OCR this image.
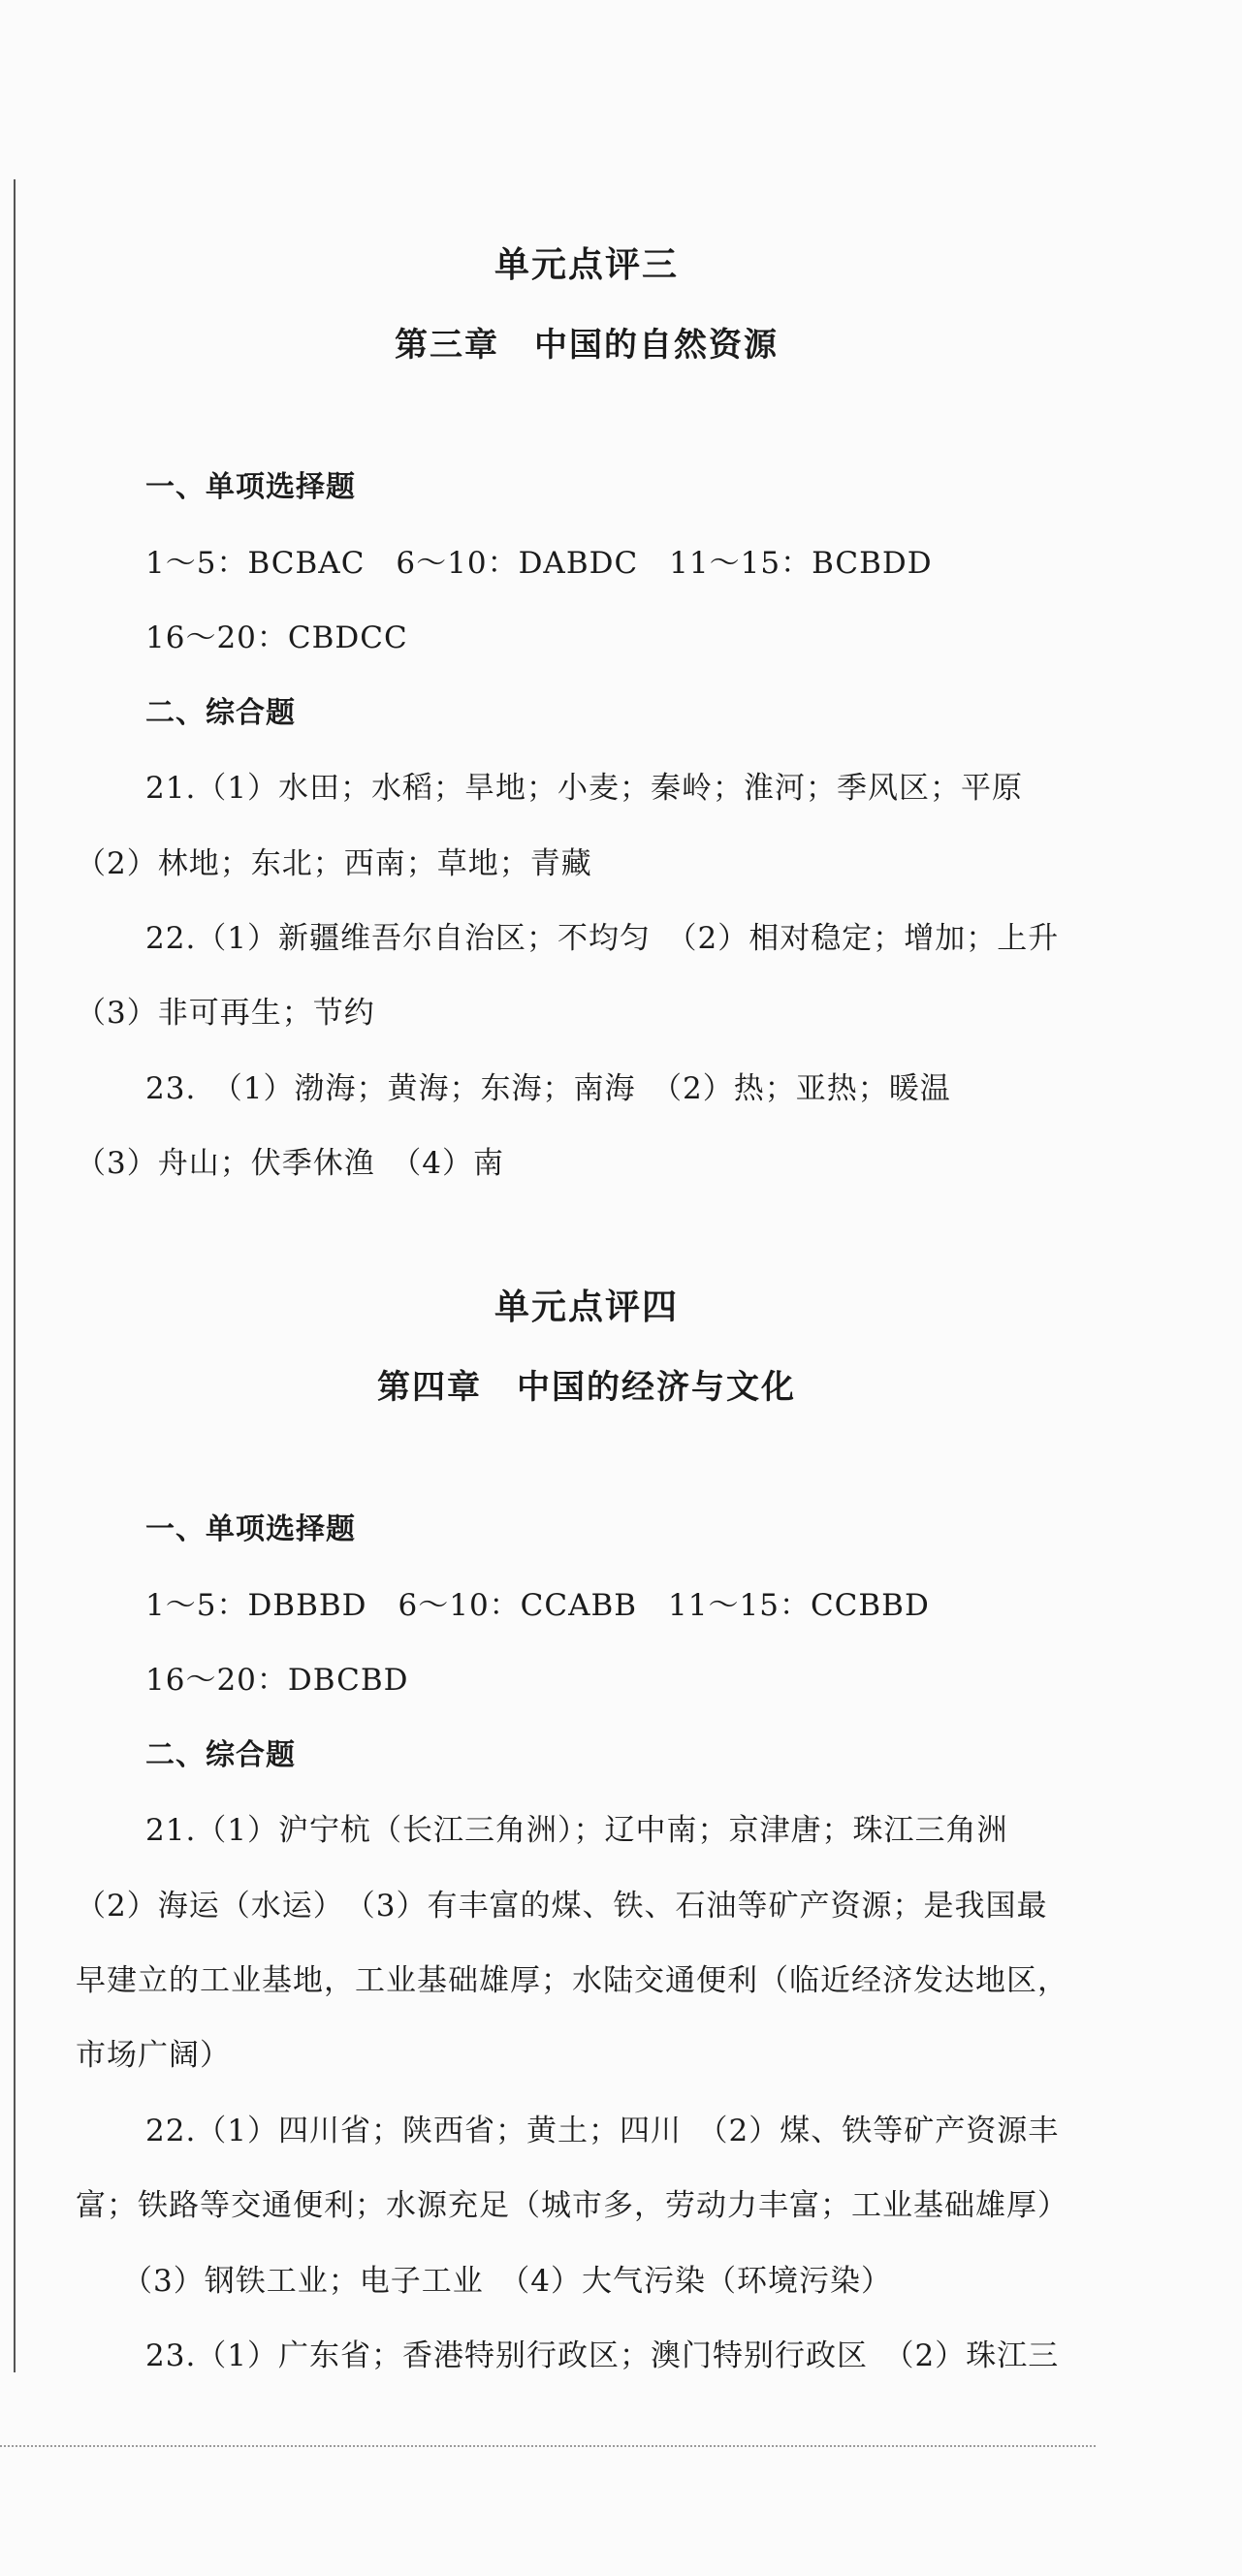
单元点评三
第三章　中国的自然资源
一、单项选择题
1～5：BCBAC　6～10：DABDC　11～15：BCBDD
16～20：CBDCC
二、综合题
21.（1）水田；水稻；旱地；小麦；秦岭；淮河；季风区；平原
（2）林地；东北；西南；草地；青藏
22.（1）新疆维吾尔自治区；不均匀　（2）相对稳定；增加；上升
（3）非可再生；节约
23.　（1）渤海；黄海；东海；南海　（2）热；亚热；暖温
（3）舟山；伏季休渔　（4）南
单元点评四
第四章　中国的经济与文化
一、单项选择题
1～5：DBBBD　6～10：CCABB　11～15：CCBBD
16～20：DBCBD
二、综合题
21.（1）沪宁杭（长江三角洲）；辽中南；京津唐；珠江三角洲
（2）海运（水运）　（3）有丰富的煤、铁、石油等矿产资源；是我国最
早建立的工业基地，工业基础雄厚；水陆交通便利（临近经济发达地区，
市场广阔）
22.（1）四川省；陕西省；黄土；四川　（2）煤、铁等矿产资源丰
富；铁路等交通便利；水源充足（城市多，劳动力丰富；工业基础雄厚）
（3）钢铁工业；电子工业　（4）大气污染（环境污染）
23.（1）广东省；香港特别行政区；澳门特别行政区　（2）珠江三
